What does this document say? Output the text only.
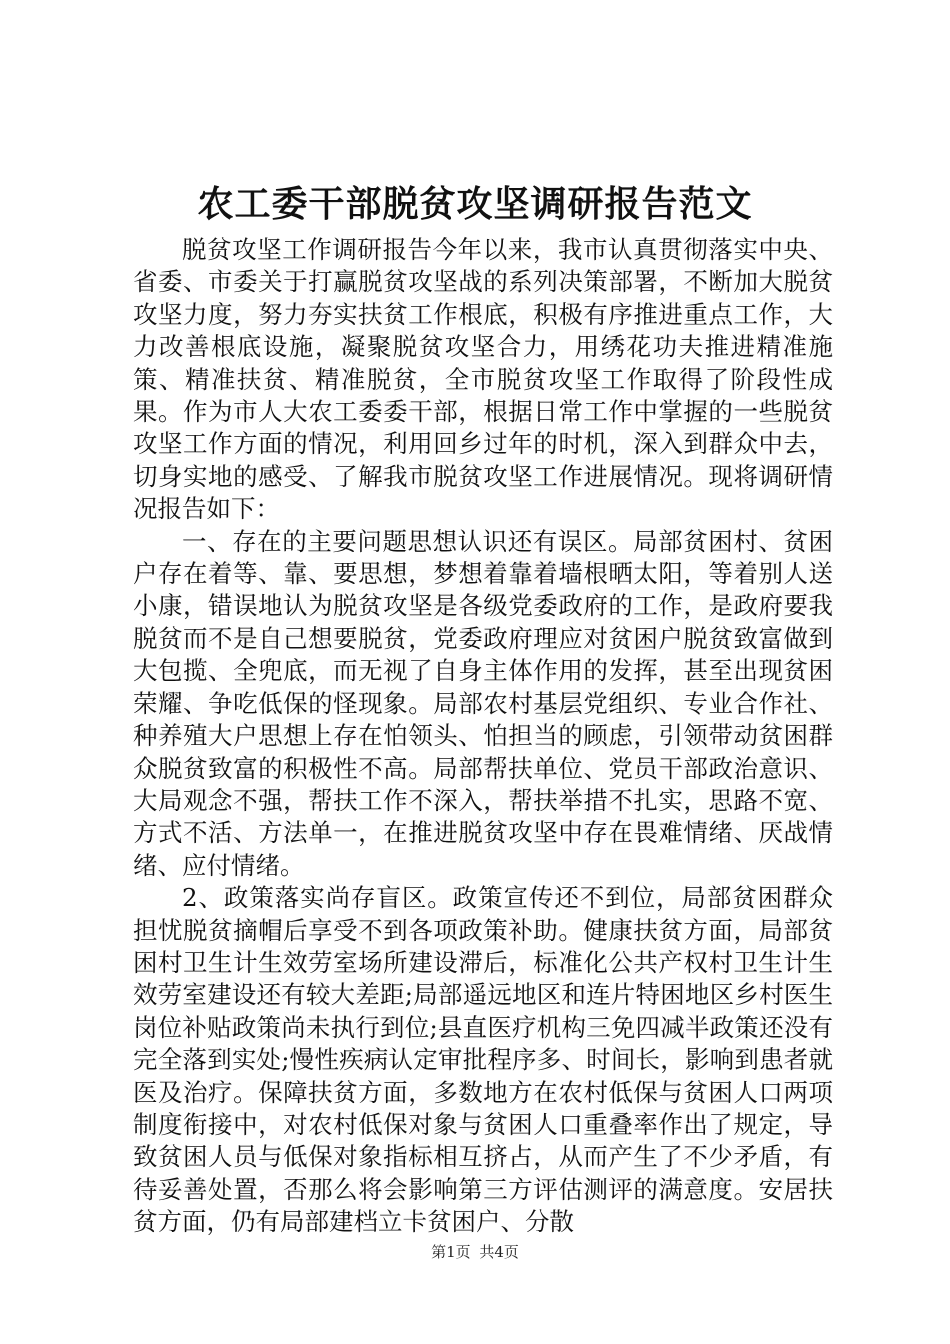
农工委干部脱贫攻坚调研报告范文

脱贫攻坚工作调研报告今年以来，我市认真贯彻落实中央、省委、市委关于打赢脱贫攻坚战的系列决策部署，不断加大脱贫攻坚力度，努力夯实扶贫工作根底，积极有序推进重点工作，大力改善根底设施，凝聚脱贫攻坚合力，用绣花功夫推进精准施策、精准扶贫、精准脱贫，全市脱贫攻坚工作取得了阶段性成果。作为市人大农工委委干部，根据日常工作中掌握的一些脱贫攻坚工作方面的情况，利用回乡过年的时机，深入到群众中去，切身实地的感受、了解我市脱贫攻坚工作进展情况。现将调研情况报告如下：

一、存在的主要问题思想认识还有误区。局部贫困村、贫困户存在着等、靠、要思想，梦想着靠着墙根晒太阳，等着别人送小康，错误地认为脱贫攻坚是各级党委政府的工作，是政府要我脱贫而不是自己想要脱贫，党委政府理应对贫困户脱贫致富做到大包揽、全兜底，而无视了自身主体作用的发挥，甚至出现贫困荣耀、争吃低保的怪现象。局部农村基层党组织、专业合作社、种养殖大户思想上存在怕领头、怕担当的顾虑，引领带动贫困群众脱贫致富的积极性不高。局部帮扶单位、党员干部政治意识、大局观念不强，帮扶工作不深入，帮扶举措不扎实，思路不宽、方式不活、方法单一，在推进脱贫攻坚中存在畏难情绪、厌战情绪、应付情绪。

2、政策落实尚存盲区。政策宣传还不到位，局部贫困群众担忧脱贫摘帽后享受不到各项政策补助。健康扶贫方面，局部贫困村卫生计生效劳室场所建设滞后，标准化公共产权村卫生计生效劳室建设还有较大差距;局部遥远地区和连片特困地区乡村医生岗位补贴政策尚未执行到位;县直医疗机构三免四减半政策还没有完全落到实处;慢性疾病认定审批程序多、时间长，影响到患者就医及治疗。保障扶贫方面，多数地方在农村低保与贫困人口两项制度衔接中，对农村低保对象与贫困人口重叠率作出了规定，导致贫困人员与低保对象指标相互挤占，从而产生了不少矛盾，有待妥善处置，否那么将会影响第三方评估测评的满意度。安居扶贫方面，仍有局部建档立卡贫困户、分散

第1页 共4页
